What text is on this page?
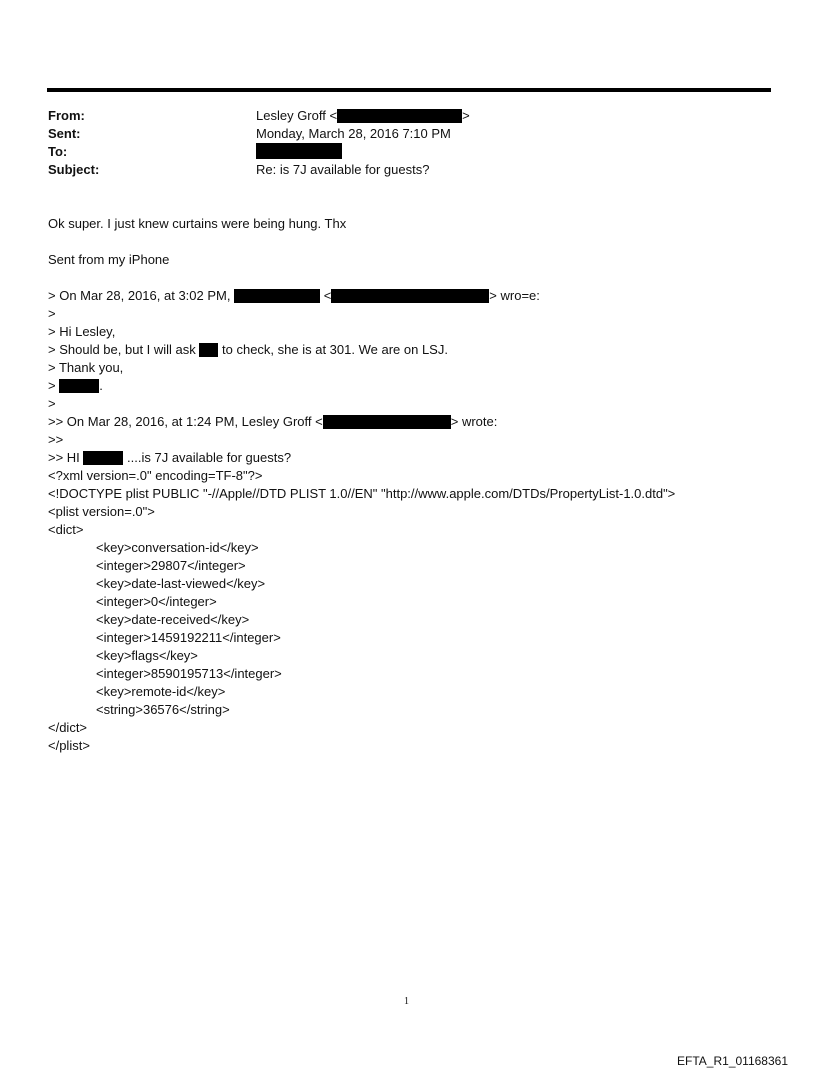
From:	Lesley Groff <	>
Sent:	Monday, March 28, 2016 7:10 PM
To:
Subject:	Re: is 7J available for guests?

Ok super. I just knew curtains were being hung. Thx

Sent from my iPhone

> On Mar 28, 2016, at 3:02 PM,	<	> wro=e:

>

> Hi Lesley,

> Should be, but I will ask  to check, she is at 301. We are on LSJ.

> Thank you,

>	.

>

>> On Mar 28, 2016, at 1:24 PM, Lesley Groff <	> wrote:

>>

>> HI	....is 7J available for guests?

<?xml version=.0" encoding=TF-8"?>

<!DOCTYPE plist PUBLIC "-//Apple//DTD PLIST 1.0//EN" "http://www.apple.com/DTDs/PropertyList-1.0.dtd">

<plist version=.0">

<dict>

<key>conversation-id</key>

<integer>29807</integer>

<key>date-last-viewed</key>

<integer>0</integer>

<key>date-received</key>

<integer>1459192211</integer>

<key>flags</key>

<integer>8590195713</integer>

<key>remote-id</key>

<string>36576</string>

</dict>

</plist>

1
EFTA_R1_01168361
